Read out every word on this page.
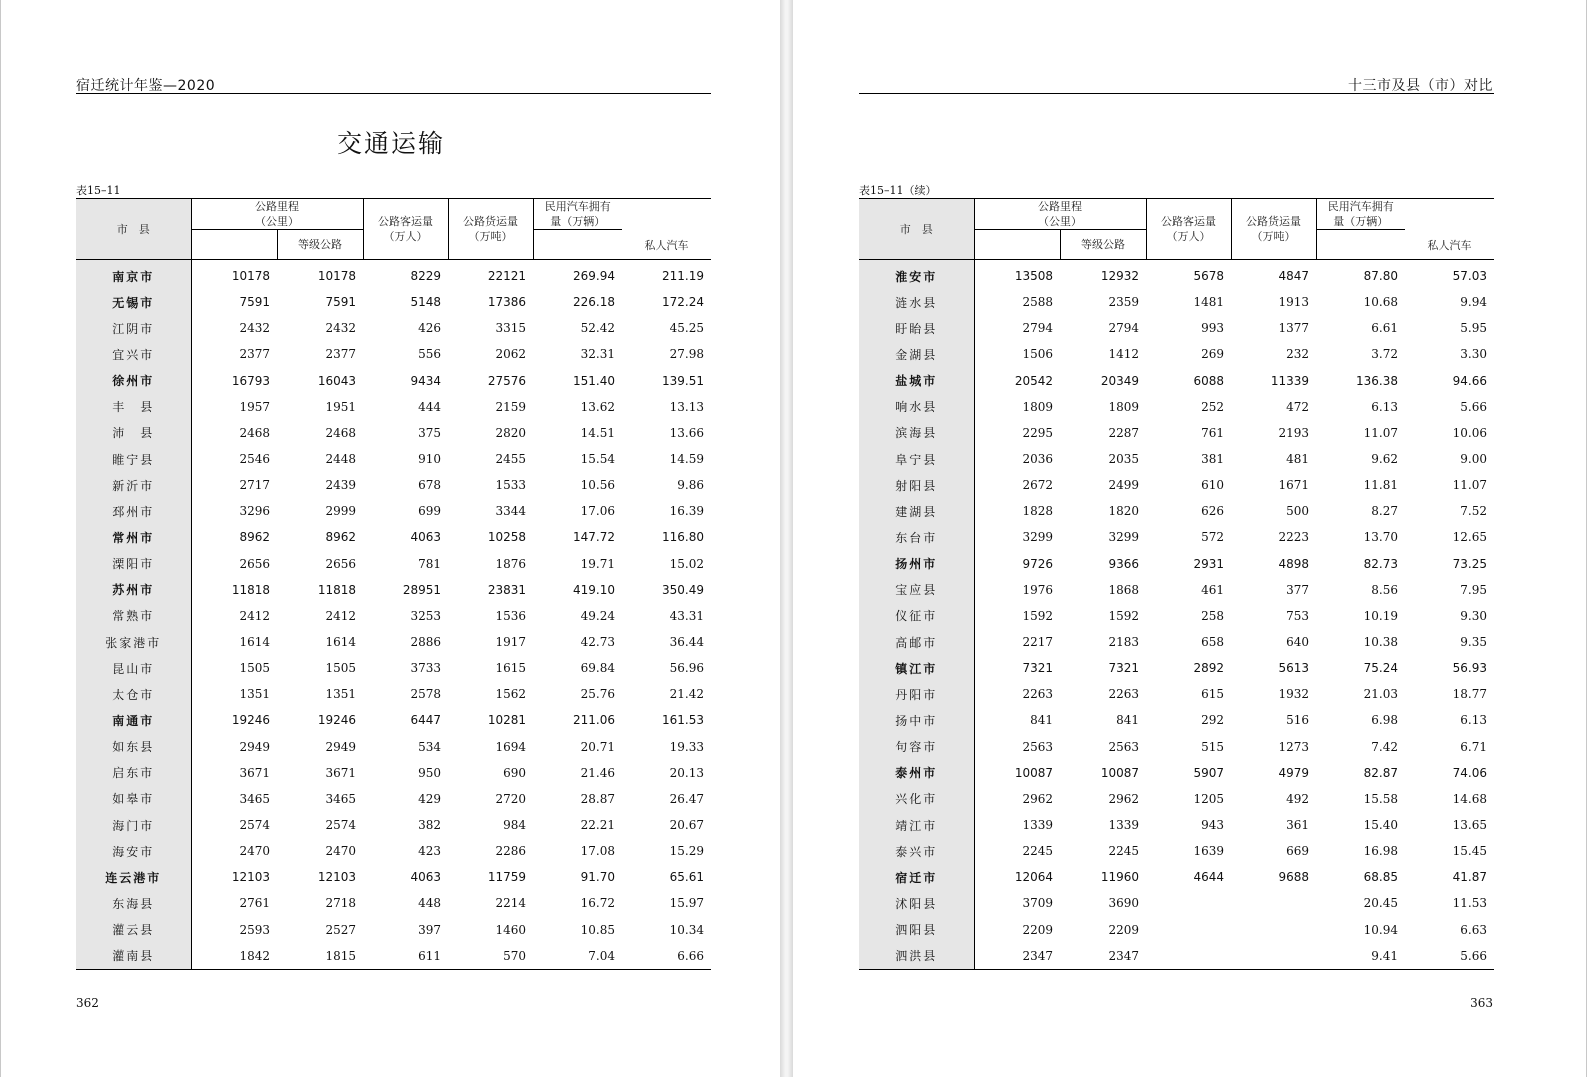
宿迁统计年鉴—2020
交通运输
表15–11
市　县	公路里程
（公里）		公路客运量
（万人）	公路货运量
（万吨）	民用汽车拥有
量（万辆）	私人汽车
		等级公路				
南京市	10178	10178	8229	22121	269.94	211.19
无锡市	7591	7591	5148	17386	226.18	172.24
江阴市	2432	2432	426	3315	52.42	45.25
宜兴市	2377	2377	556	2062	32.31	27.98
徐州市	16793	16043	9434	27576	151.40	139.51
丰　县	1957	1951	444	2159	13.62	13.13
沛　县	2468	2468	375	2820	14.51	13.66
睢宁县	2546	2448	910	2455	15.54	14.59
新沂市	2717	2439	678	1533	10.56	9.86
邳州市	3296	2999	699	3344	17.06	16.39
常州市	8962	8962	4063	10258	147.72	116.80
溧阳市	2656	2656	781	1876	19.71	15.02
苏州市	11818	11818	28951	23831	419.10	350.49
常熟市	2412	2412	3253	1536	49.24	43.31
张家港市	1614	1614	2886	1917	42.73	36.44
昆山市	1505	1505	3733	1615	69.84	56.96
太仓市	1351	1351	2578	1562	25.76	21.42
南通市	19246	19246	6447	10281	211.06	161.53
如东县	2949	2949	534	1694	20.71	19.33
启东市	3671	3671	950	690	21.46	20.13
如皋市	3465	3465	429	2720	28.87	26.47
海门市	2574	2574	382	984	22.21	20.67
海安市	2470	2470	423	2286	17.08	15.29
连云港市	12103	12103	4063	11759	91.70	65.61
东海县	2761	2718	448	2214	16.72	15.97
灌云县	2593	2527	397	1460	10.85	10.34
灌南县	1842	1815	611	570	7.04	6.66
362
十三市及县（市）对比
表15–11（续）
市　县	公路里程
（公里）		公路客运量
（万人）	公路货运量
（万吨）	民用汽车拥有
量（万辆）	私人汽车
		等级公路				
淮安市	13508	12932	5678	4847	87.80	57.03
涟水县	2588	2359	1481	1913	10.68	9.94
盱眙县	2794	2794	993	1377	6.61	5.95
金湖县	1506	1412	269	232	3.72	3.30
盐城市	20542	20349	6088	11339	136.38	94.66
响水县	1809	1809	252	472	6.13	5.66
滨海县	2295	2287	761	2193	11.07	10.06
阜宁县	2036	2035	381	481	9.62	9.00
射阳县	2672	2499	610	1671	11.81	11.07
建湖县	1828	1820	626	500	8.27	7.52
东台市	3299	3299	572	2223	13.70	12.65
扬州市	9726	9366	2931	4898	82.73	73.25
宝应县	1976	1868	461	377	8.56	7.95
仪征市	1592	1592	258	753	10.19	9.30
高邮市	2217	2183	658	640	10.38	9.35
镇江市	7321	7321	2892	5613	75.24	56.93
丹阳市	2263	2263	615	1932	21.03	18.77
扬中市	841	841	292	516	6.98	6.13
句容市	2563	2563	515	1273	7.42	6.71
泰州市	10087	10087	5907	4979	82.87	74.06
兴化市	2962	2962	1205	492	15.58	14.68
靖江市	1339	1339	943	361	15.40	13.65
泰兴市	2245	2245	1639	669	16.98	15.45
宿迁市	12064	11960	4644	9688	68.85	41.87
沭阳县	3709	3690			20.45	11.53
泗阳县	2209	2209			10.94	6.63
泗洪县	2347	2347			9.41	5.66
363
